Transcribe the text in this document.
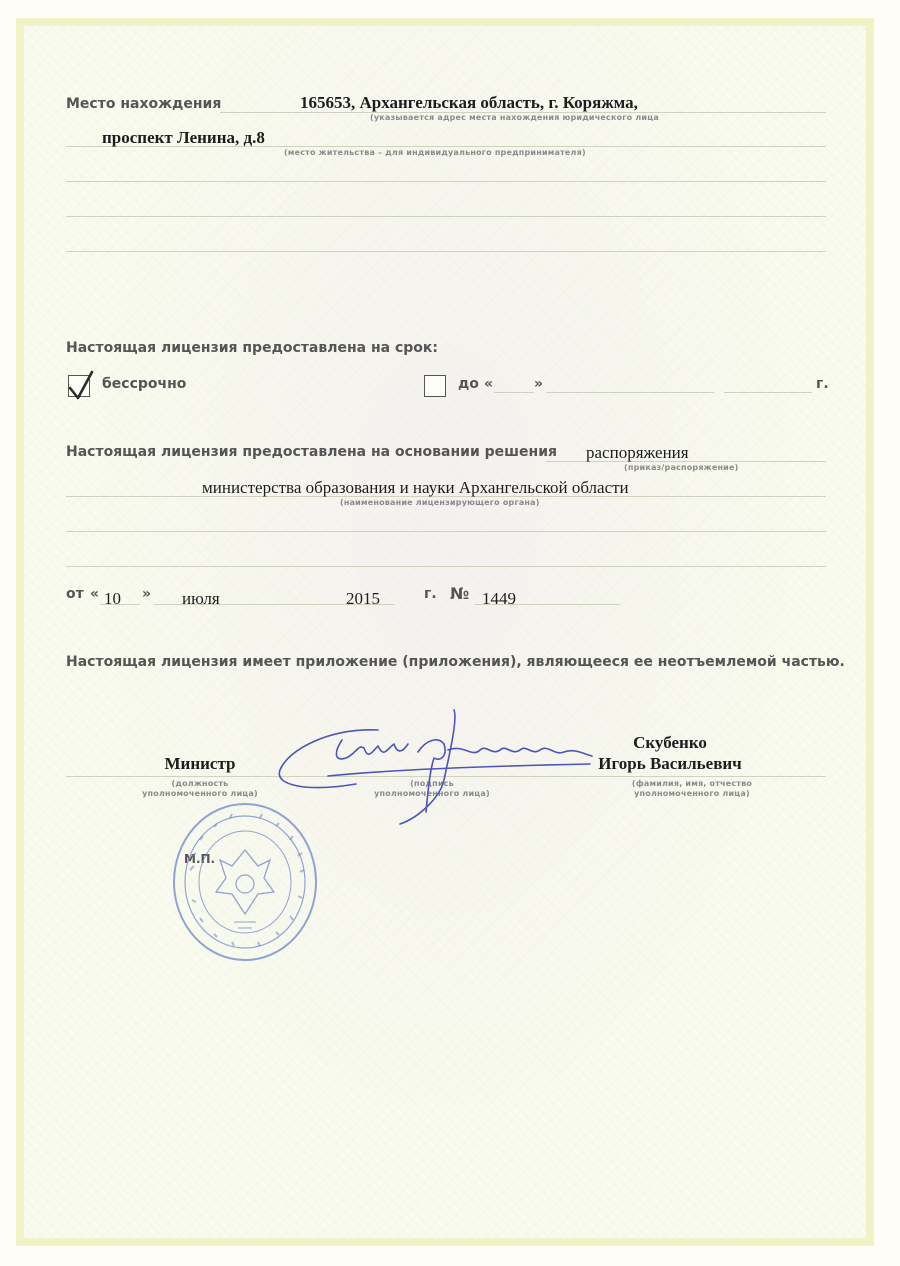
Место нахождения	165653, Архангельская область, г. Коряжма,
(указывается адрес места нахождения юридического лица
проспект Ленина, д.8
(место жительства – для индивидуального предпринимателя)
Настоящая лицензия предоставлена на срок:
бессрочно	до «	»	г.
Настоящая лицензия предоставлена на основании решения распоряжения
(приказ/распоряжение)
министерства образования и науки Архангельской области
(наименование лицензирующего органа)
от « 10 » июля	2015	г. № 1449
Настоящая лицензия имеет приложение (приложения), являющееся ее неотъемлемой частью.
Министр
(должность
уполномоченного лица)
(подпись
уполномоченного лица)
Скубенко
Игорь Васильевич
(фамилия, имя, отчество
уполномоченного лица)
М.П.
